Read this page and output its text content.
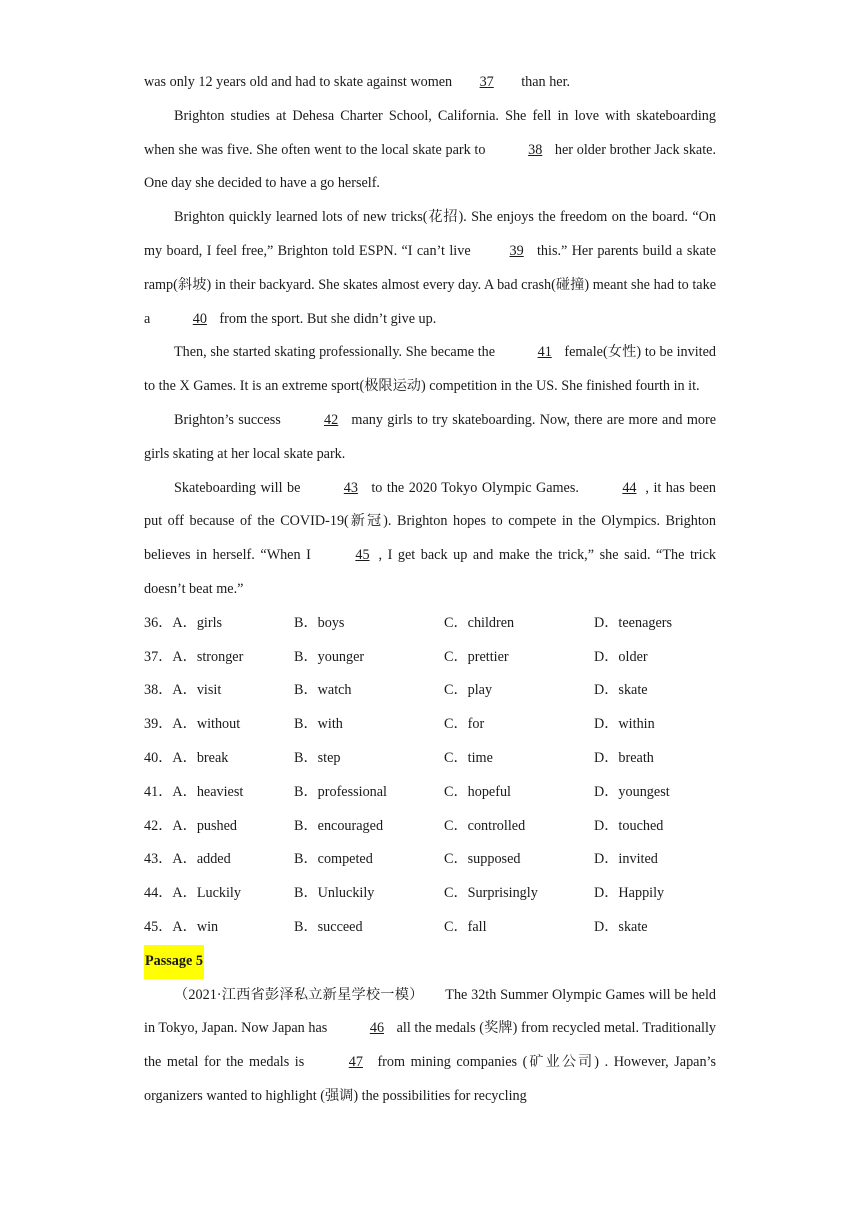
was only 12 years old and had to skate against women 37 than her.

Brighton studies at Dehesa Charter School, California. She fell in love with skateboarding when she was five. She often went to the local skate park to	38 her older brother Jack skate. One day she decided to have a go herself.

Brighton quickly learned lots of new tricks(花招). She enjoys the freedom on the board. “On my board, I feel free,” Brighton told ESPN. “I can’t live	39 this.” Her parents build a skate ramp(斜坡) in their backyard. She skates almost every day. A bad crash(碰撞) meant she had to take a	40 from the sport. But she didn’t give up.

Then, she started skating professionally. She became the	41 female(女性) to be invited to the X Games. It is an extreme sport(极限运动) competition in the US. She finished fourth in it.

Brighton’s success	42 many girls to try skateboarding. Now, there are more and more girls skating at her local skate park.

Skateboarding will be	43 to the 2020 Tokyo Olympic Games.	44 , it has been put off because of the COVID-19(新冠). Brighton hopes to compete in the Olympics. Brighton believes in herself. “When I	45 , I get back up and make the trick,” she said. “The trick doesn’t beat me.”

36．A．girls	B．boys	C．children	D．teenagers
37．A．stronger	B．younger	C．prettier	D．older
38．A．visit	B．watch	C．play	D．skate
39．A．without	B．with	C．for	D．within
40．A．break	B．step	C．time	D．breath
41．A．heaviest	B．professional	C．hopeful	D．youngest
42．A．pushed	B．encouraged	C．controlled	D．touched
43．A．added	B．competed	C．supposed	D．invited
44．A．Luckily	B．Unluckily	C．Surprisingly	D．Happily
45．A．win	B．succeed	C．fall	D．skate
Passage 5

（2021·江西省彭泽私立新星学校一模）　　The 32th Summer Olympic Games will be held in Tokyo, Japan. Now Japan has	46 all the medals (奖牌) from recycled metal. Traditionally the metal for the medals is	47 from mining companies (矿业公司) . However, Japan’s organizers wanted to highlight (强调) the possibilities for recycling
